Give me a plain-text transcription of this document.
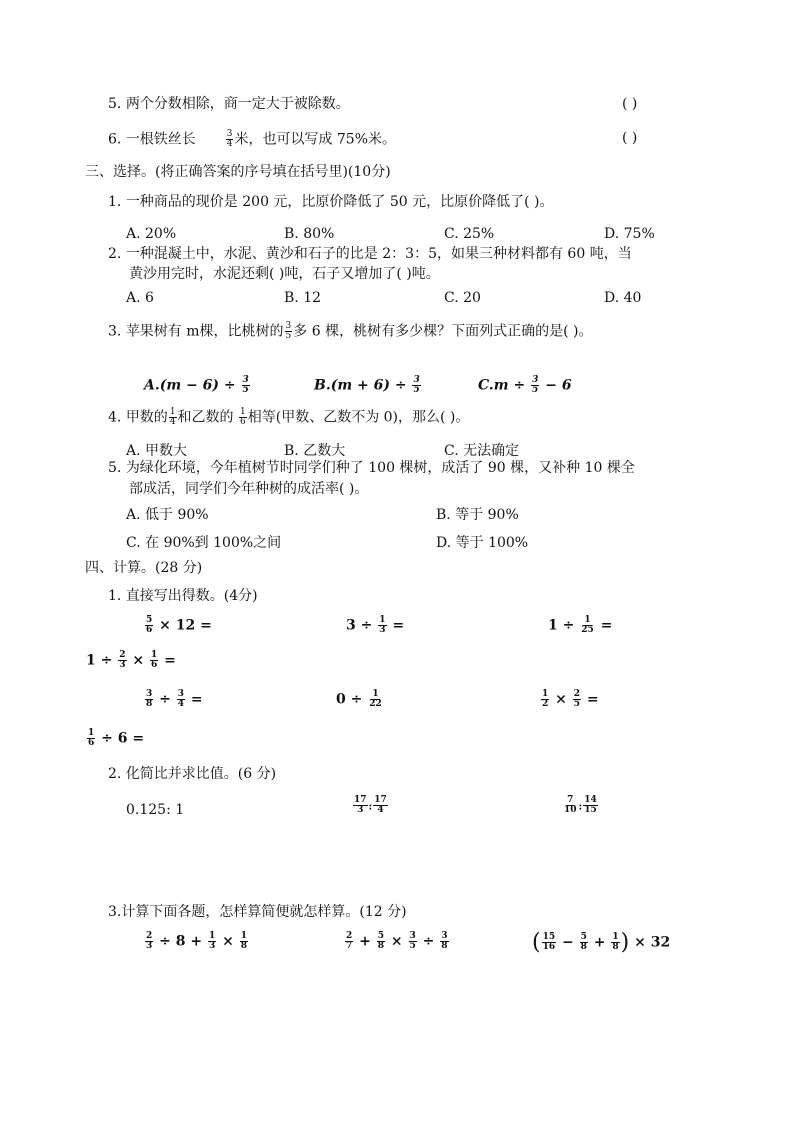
5. 两个分数相除，商一定大于被除数。	( )
6. 一根铁丝长	$\frac{3}{4}$ 米，也可以写成 75%米。	( )
三、选择。(将正确答案的序号填在括号里)(10分)
1. 一种商品的现价是 200 元，比原价降低了 50 元，比原价降低了( )。
A. 20%	B. 80%	C. 25%	D. 75%
2. 一种混凝土中，水泥、黄沙和石子的比是 2：3：5，如果三种材料都有 60 吨，当
黄沙用完时，水泥还剩( )吨，石子又增加了( )吨。
A. 6	B. 12	C. 20	D. 40
3. 苹果树有 m棵，比桃树的 $\frac{3}{5}$ 多 6 棵，桃树有多少棵？下面列式正确的是( )。
$A.(m - 6) \div \frac{3}{5}$	$B.(m + 6) \div \frac{3}{5}$	$C.m \div \frac{3}{5} - 6$
4. 甲数的 $\frac{1}{4}$ 和乙数的 $\frac{1}{6}$ 相等(甲数、乙数不为 0)，那么( )。
A. 甲数大	B. 乙数大	C. 无法确定
5. 为绿化环境，今年植树节时同学们种了 100 棵树，成活了 90 棵，又补种 10 棵全
部成活，同学们今年种树的成活率( )。
A. 低于 90%	B. 等于 90%
C. 在 90%到 100%之间	D. 等于 100%
四、计算。(28 分)
1. 直接写出得数。(4分)
$\frac{5}{6} \times 12$ =	$3 \div \frac{1}{3}$ =	$1 \div \frac{1}{25}$ =
$1 \div \frac{2}{3} \times \frac{1}{6}$ =
$\frac{3}{8} \div \frac{3}{4}$ =	$0 \div \frac{1}{22}$	$\frac{1}{2} \times \frac{2}{5}$ =
$\frac{1}{6} \div 6$ =
2. 化简比并求比值。(6 分)
0.125: 1	$\frac{17}{3}$ : $\frac{17}{4}$	$\frac{7}{10}$ : $\frac{14}{15}$
3.计算下面各题，怎样算简便就怎样算。(12 分)
$\frac{2}{3} \div 8 + \frac{1}{3} \times \frac{1}{8}$	$\frac{2}{7} + \frac{5}{8} \times \frac{3}{5} \div \frac{3}{8}$	( $\frac{15}{16} - \frac{5}{8} + \frac{1}{8}$ ) × 32
